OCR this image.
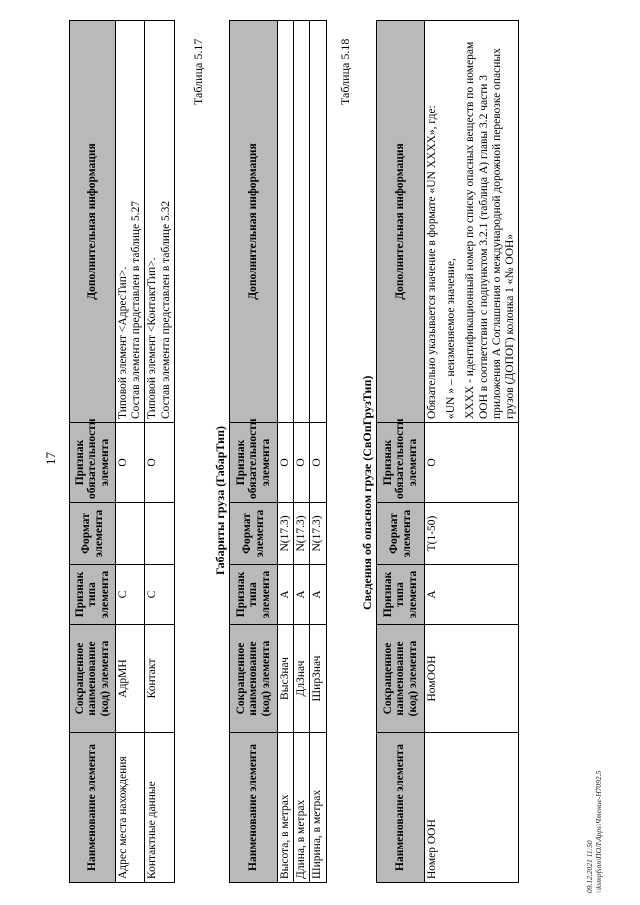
17
Наименование элемента	Сокращенное наименование (код) элемента	Признак типа элемента	Формат элемента	Признак обязательности элемента	Дополнительная информация
Адрес места нахождения	АдрМН	С		О	Типовой элемент <АдресТип>. Состав элемента представлен в таблице 5.27

Контактные данные	Контакт	С		О	Типовой элемент <КонтактТип>. Состав элемента представлен в таблице 5.32
Таблица 5.17
Габариты груза (ГабарТип)
Наименование элемента	Сокращенное наименование (код) элемента	Признак типа элемента	Формат элемента	Признак обязательности элемента	Дополнительная информация
Высота, в метрах	ВысЗнач	А	N(17.3)	О	
Длина, в метрах	ДлЗнач	А	N(17.3)	О	
Ширина, в метрах	ШирЗнач	А	N(17.3)	О	
Таблица 5.18
Сведения об опасном грузе (СвОпГрузТип)
Наименование элемента	Сокращенное наименование (код) элемента	Признак типа элемента	Формат элемента	Признак обязательности элемента	Дополнительная информация
Номер ООН	НомООН	А	T(1-50)	О	Обязательно указывается значение в формате «UN XXXX», где: «UN » – неизменяемое значение, XXXX - идентификационный номер по списку опасных веществ по номерам ООН в соответствии с подпунктом 3.2.1 (таблица А) главы 3.2 части 3 приложения А Соглашения о международной дорожной перевозке опасных грузов (ДОПОГ) колонка 1 «№ ООН»

09.12.2021 11:50 \\ksmpfsnn\ПОЛ\Apps\Чтение-Н7092.5
